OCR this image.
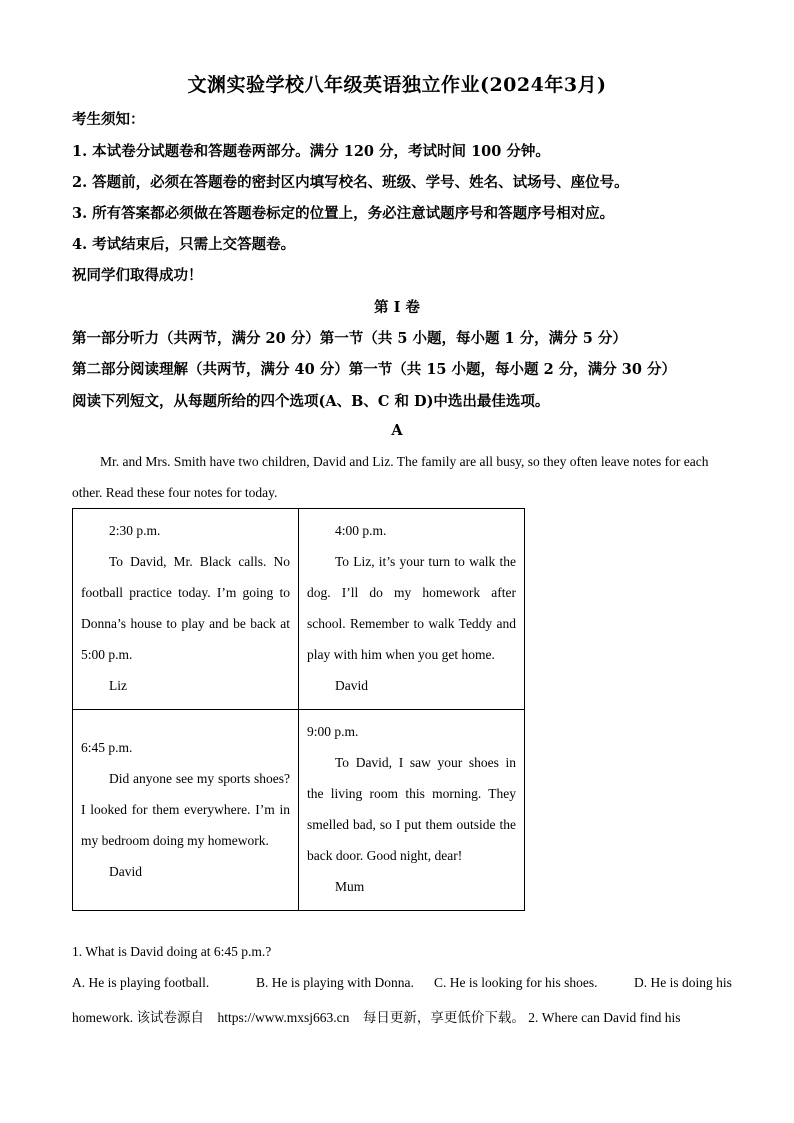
文渊实验学校八年级英语独立作业(2024年3月)
考生须知：
1. 本试卷分试题卷和答题卷两部分。满分 120 分，考试时间 100 分钟。
2. 答题前，必须在答题卷的密封区内填写校名、班级、学号、姓名、试场号、座位号。
3. 所有答案都必须做在答题卷标定的位置上，务必注意试题序号和答题序号相对应。
4. 考试结束后，只需上交答题卷。
祝同学们取得成功！
第 I 卷
第一部分听力（共两节，满分 20 分）第一节（共 5 小题，每小题 1 分，满分 5 分）
第二部分阅读理解（共两节，满分 40 分）第一节（共 15 小题，每小题 2 分，满分 30 分）
阅读下列短文，从每题所给的四个选项(A、B、C 和 D)中选出最佳选项。
A
Mr. and Mrs. Smith have two children, David and Liz. The family are all busy, so they often leave notes for each other. Read these four notes for today.
2:30 p.m.
To David, Mr. Black calls. No football practice today. I’m going to Donna’s house to play and be back at 5:00 p.m.
Liz	4:00 p.m.
To Liz, it’s your turn to walk the dog. I’ll do my homework after school. Remember to walk Teddy and play with him when you get home.
David

6:45 p.m.
Did anyone see my sports shoes? I looked for them everywhere. I’m in my bedroom doing my homework.
David	9:00 p.m.
To David, I saw your shoes in the living room this morning. They smelled bad, so I put them outside the back door. Good night, dear!
Mum
1. What is David doing at 6:45 p.m.?
A. He is playing football.	B. He is playing with Donna. C. He is looking for his shoes.	D. He is doing his
homework. 该试卷源自    https://www.mxsj663.cn    每日更新，享更低价下载。 2. Where can David find his
